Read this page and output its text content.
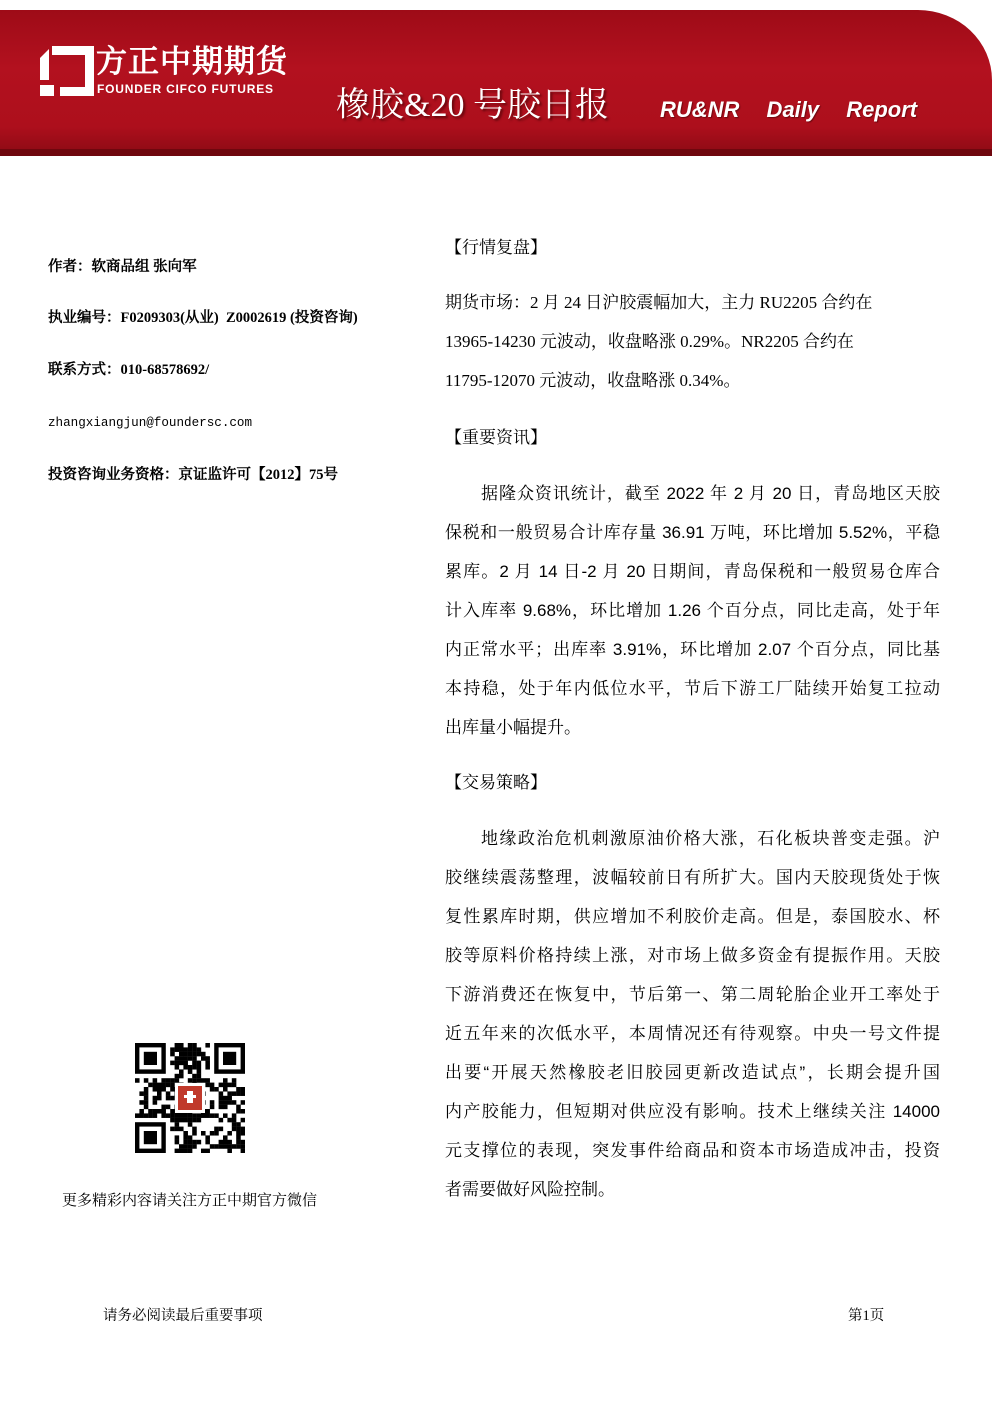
方正中期期货
FOUNDER CIFCO FUTURES 橡胶&20 号胶日报 RU&NR Daily Report
作者：软商品组 张向军
执业编号：F0209303(从业)  Z0002619 (投资咨询)
联系方式：010-68578692/
zhangxiangjun@foundersc.com
投资咨询业务资格：京证监许可【2012】75号
更多精彩内容请关注方正中期官方微信
【行情复盘】
期货市场：2 月 24 日沪胶震幅加大，主力 RU2205 合约在
13965-14230 元波动，收盘略涨 0.29%。NR2205 合约在
11795-12070 元波动，收盘略涨 0.34%。
【重要资讯】
据隆众资讯统计，截至 2022 年 2 月 20 日，青岛地区天胶
保税和一般贸易合计库存量 36.91 万吨，环比增加 5.52%，平稳
累库。2 月 14 日-2 月 20 日期间，青岛保税和一般贸易仓库合
计入库率 9.68%，环比增加 1.26 个百分点，同比走高，处于年
内正常水平；出库率 3.91%，环比增加 2.07 个百分点，同比基
本持稳，处于年内低位水平，节后下游工厂陆续开始复工拉动
出库量小幅提升。
【交易策略】
地缘政治危机刺激原油价格大涨，石化板块普变走强。沪
胶继续震荡整理，波幅较前日有所扩大。国内天胶现货处于恢
复性累库时期，供应增加不利胶价走高。但是，泰国胶水、杯
胶等原料价格持续上涨，对市场上做多资金有提振作用。天胶
下游消费还在恢复中，节后第一、第二周轮胎企业开工率处于
近五年来的次低水平，本周情况还有待观察。中央一号文件提
出要“开展天然橡胶老旧胶园更新改造试点”，长期会提升国
内产胶能力，但短期对供应没有影响。技术上继续关注 14000
元支撑位的表现，突发事件给商品和资本市场造成冲击，投资
者需要做好风险控制。
请务必阅读最后重要事项	第1页
